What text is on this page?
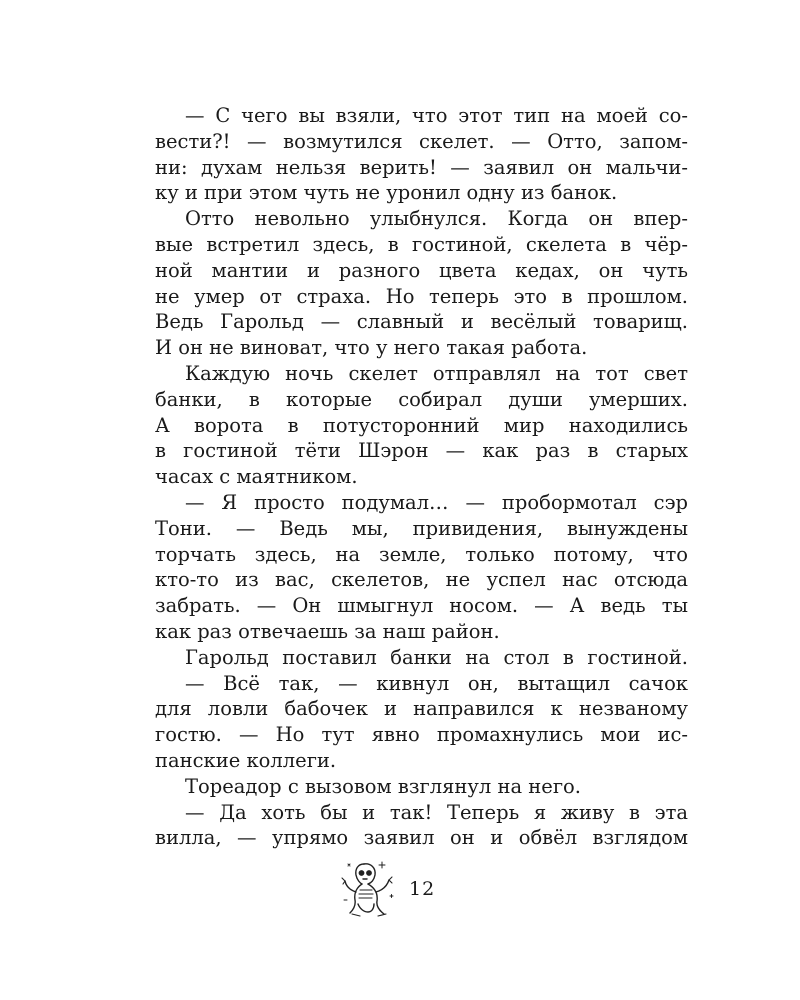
— С чего вы взяли, что этот тип на моей со-
вести?! — возмутился скелет. — Отто, запом-
ни: духам нельзя верить! — заявил он мальчи-
ку и при этом чуть не уронил одну из банок.
Отто невольно улыбнулся. Когда он впер-
вые встретил здесь, в гостиной, скелета в чёр-
ной мантии и разного цвета кедах, он чуть
не умер от страха. Но теперь это в прошлом.
Ведь Гарольд — славный и весёлый товарищ.
И он не виноват, что у него такая работа.
Каждую ночь скелет отправлял на тот свет
банки, в которые собирал души умерших.
А ворота в потусторонний мир находились
в гостиной тёти Шэрон — как раз в старых
часах с маятником.
— Я просто подумал… — пробормотал сэр
Тони. — Ведь мы, привидения, вынуждены
торчать здесь, на земле, только потому, что
кто-то из вас, скелетов, не успел нас отсюда
забрать. — Он шмыгнул носом. — А ведь ты
как раз отвечаешь за наш район.
Гарольд поставил банки на стол в гостиной.
— Всё так, — кивнул он, вытащил сачок
для ловли бабочек и направился к незваному
гостю. — Но тут явно промахнулись мои ис-
панские коллеги.
Тореадор с вызовом взглянул на него.
— Да хоть бы и так! Теперь я живу в эта
вилла, — упрямо заявил он и обвёл взглядом
12
